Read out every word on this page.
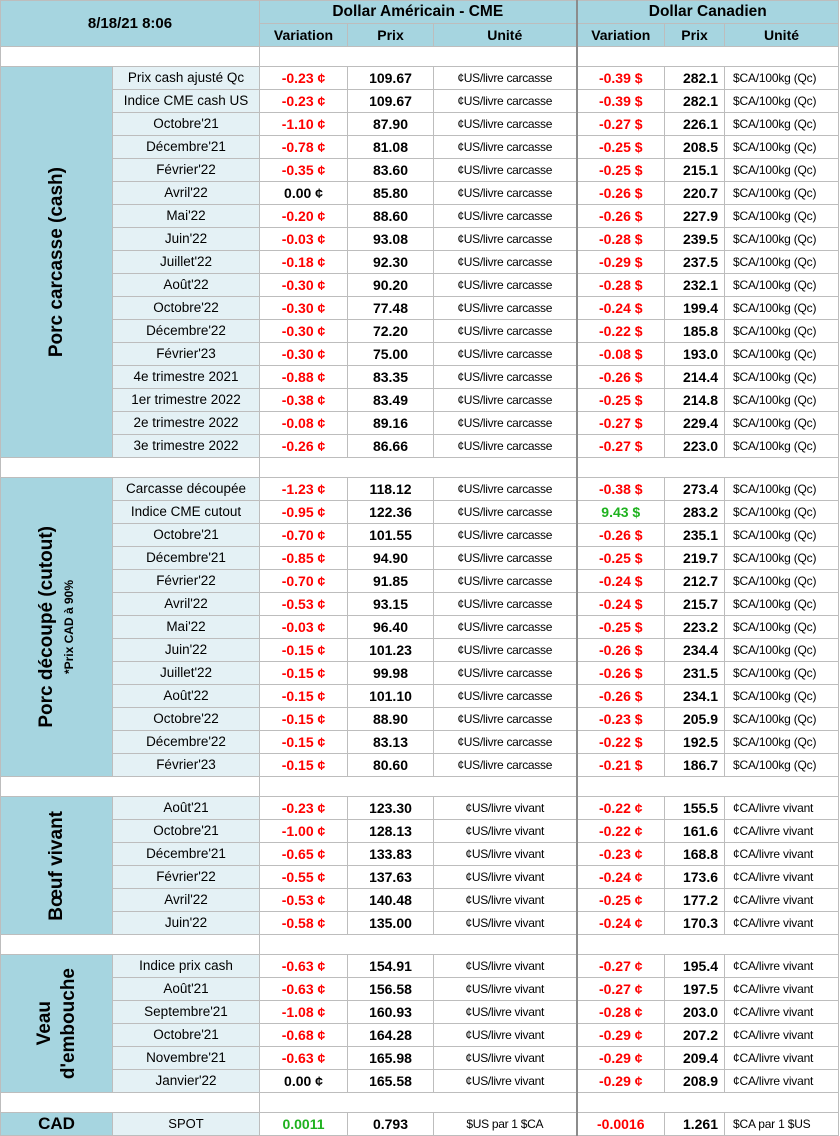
8/18/21 8:06		Dollar Américain - CME			Dollar Canadien		
		Variation	Prix	Unité	Variation	Prix	Unité

Porc carcasse (cash)	Prix cash ajusté Qc	-0.23 ¢	109.67	¢US/livre carcasse	-0.39 $	282.1	$CA/100kg (Qc)
	Indice CME cash US	-0.23 ¢	109.67	¢US/livre carcasse	-0.39 $	282.1	$CA/100kg (Qc)
	Octobre'21	-1.10 ¢	87.90	¢US/livre carcasse	-0.27 $	226.1	$CA/100kg (Qc)
	Décembre'21	-0.78 ¢	81.08	¢US/livre carcasse	-0.25 $	208.5	$CA/100kg (Qc)
	Février'22	-0.35 ¢	83.60	¢US/livre carcasse	-0.25 $	215.1	$CA/100kg (Qc)
	Avril'22	0.00 ¢	85.80	¢US/livre carcasse	-0.26 $	220.7	$CA/100kg (Qc)
	Mai'22	-0.20 ¢	88.60	¢US/livre carcasse	-0.26 $	227.9	$CA/100kg (Qc)
	Juin'22	-0.03 ¢	93.08	¢US/livre carcasse	-0.28 $	239.5	$CA/100kg (Qc)
	Juillet'22	-0.18 ¢	92.30	¢US/livre carcasse	-0.29 $	237.5	$CA/100kg (Qc)
	Août'22	-0.30 ¢	90.20	¢US/livre carcasse	-0.28 $	232.1	$CA/100kg (Qc)
	Octobre'22	-0.30 ¢	77.48	¢US/livre carcasse	-0.24 $	199.4	$CA/100kg (Qc)
	Décembre'22	-0.30 ¢	72.20	¢US/livre carcasse	-0.22 $	185.8	$CA/100kg (Qc)
	Février'23	-0.30 ¢	75.00	¢US/livre carcasse	-0.08 $	193.0	$CA/100kg (Qc)
	4e trimestre 2021	-0.88 ¢	83.35	¢US/livre carcasse	-0.26 $	214.4	$CA/100kg (Qc)
	1er trimestre 2022	-0.38 ¢	83.49	¢US/livre carcasse	-0.25 $	214.8	$CA/100kg (Qc)
	2e trimestre 2022	-0.08 ¢	89.16	¢US/livre carcasse	-0.27 $	229.4	$CA/100kg (Qc)
	3e trimestre 2022	-0.26 ¢	86.66	¢US/livre carcasse	-0.27 $	223.0	$CA/100kg (Qc)

Porc découpé (cutout) *Prix CAD à 90%	Carcasse découpée	-1.23 ¢	118.12	¢US/livre carcasse	-0.38 $	273.4	$CA/100kg (Qc)
	Indice CME cutout	-0.95 ¢	122.36	¢US/livre carcasse	9.43 $	283.2	$CA/100kg (Qc)
	Octobre'21	-0.70 ¢	101.55	¢US/livre carcasse	-0.26 $	235.1	$CA/100kg (Qc)
	Décembre'21	-0.85 ¢	94.90	¢US/livre carcasse	-0.25 $	219.7	$CA/100kg (Qc)
	Février'22	-0.70 ¢	91.85	¢US/livre carcasse	-0.24 $	212.7	$CA/100kg (Qc)
	Avril'22	-0.53 ¢	93.15	¢US/livre carcasse	-0.24 $	215.7	$CA/100kg (Qc)
	Mai'22	-0.03 ¢	96.40	¢US/livre carcasse	-0.25 $	223.2	$CA/100kg (Qc)
	Juin'22	-0.15 ¢	101.23	¢US/livre carcasse	-0.26 $	234.4	$CA/100kg (Qc)
	Juillet'22	-0.15 ¢	99.98	¢US/livre carcasse	-0.26 $	231.5	$CA/100kg (Qc)
	Août'22	-0.15 ¢	101.10	¢US/livre carcasse	-0.26 $	234.1	$CA/100kg (Qc)
	Octobre'22	-0.15 ¢	88.90	¢US/livre carcasse	-0.23 $	205.9	$CA/100kg (Qc)
	Décembre'22	-0.15 ¢	83.13	¢US/livre carcasse	-0.22 $	192.5	$CA/100kg (Qc)
	Février'23	-0.15 ¢	80.60	¢US/livre carcasse	-0.21 $	186.7	$CA/100kg (Qc)

Bœuf vivant	Août'21	-0.23 ¢	123.30	¢US/livre vivant	-0.22 ¢	155.5	¢CA/livre vivant
	Octobre'21	-1.00 ¢	128.13	¢US/livre vivant	-0.22 ¢	161.6	¢CA/livre vivant
	Décembre'21	-0.65 ¢	133.83	¢US/livre vivant	-0.23 ¢	168.8	¢CA/livre vivant
	Février'22	-0.55 ¢	137.63	¢US/livre vivant	-0.24 ¢	173.6	¢CA/livre vivant
	Avril'22	-0.53 ¢	140.48	¢US/livre vivant	-0.25 ¢	177.2	¢CA/livre vivant
	Juin'22	-0.58 ¢	135.00	¢US/livre vivant	-0.24 ¢	170.3	¢CA/livre vivant

Veau d'embouche	Indice prix cash	-0.63 ¢	154.91	¢US/livre vivant	-0.27 ¢	195.4	¢CA/livre vivant
	Août'21	-0.63 ¢	156.58	¢US/livre vivant	-0.27 ¢	197.5	¢CA/livre vivant
	Septembre'21	-1.08 ¢	160.93	¢US/livre vivant	-0.28 ¢	203.0	¢CA/livre vivant
	Octobre'21	-0.68 ¢	164.28	¢US/livre vivant	-0.29 ¢	207.2	¢CA/livre vivant
	Novembre'21	-0.63 ¢	165.98	¢US/livre vivant	-0.29 ¢	209.4	¢CA/livre vivant
	Janvier'22	0.00 ¢	165.58	¢US/livre vivant	-0.29 ¢	208.9	¢CA/livre vivant

CAD	SPOT	0.0011	0.793	$US par 1 $CA	-0.0016	1.261	$CA par 1 $US
